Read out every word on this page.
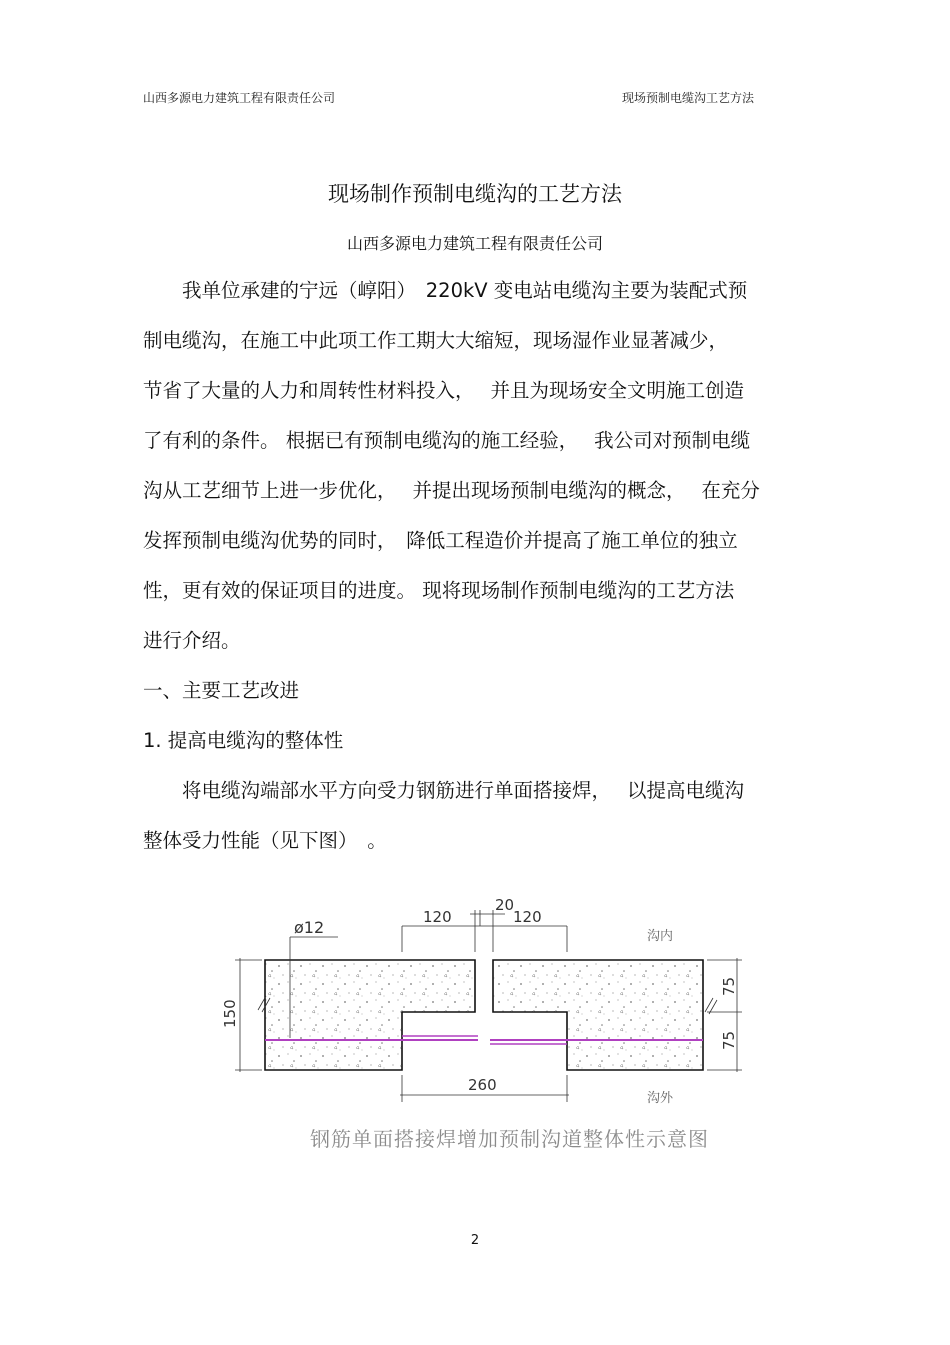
山西多源电力建筑工程有限责任公司	现场预制电缆沟工艺方法
现场制作预制电缆沟的工艺方法
山西多源电力建筑工程有限责任公司

　　我单位承建的宁远（崞阳）　220kV 变电站电缆沟主要为装配式预
制电缆沟，在施工中此项工作工期大大缩短，现场湿作业显著减少，
节省了大量的人力和周转性材料投入，　 并且为现场安全文明施工创造
了有利的条件。 根据已有预制电缆沟的施工经验，　 我公司对预制电缆
沟从工艺细节上进一步优化，　 并提出现场预制电缆沟的概念，　 在充分
发挥预制电缆沟优势的同时，　降低工程造价并提高了施工单位的独立
性，更有效的保证项目的进度。 现将现场制作预制电缆沟的工艺方法
进行介绍。

一、主要工艺改进
1. 提高电缆沟的整体性

　　将电缆沟端部水平方向受力钢筋进行单面搭接焊，　 以提高电缆沟
整体受力性能（见下图）　。

ø12
120
20
120
沟内
150
75
75
260
沟外
钢筋单面搭接焊增加预制沟道整体性示意图
2
